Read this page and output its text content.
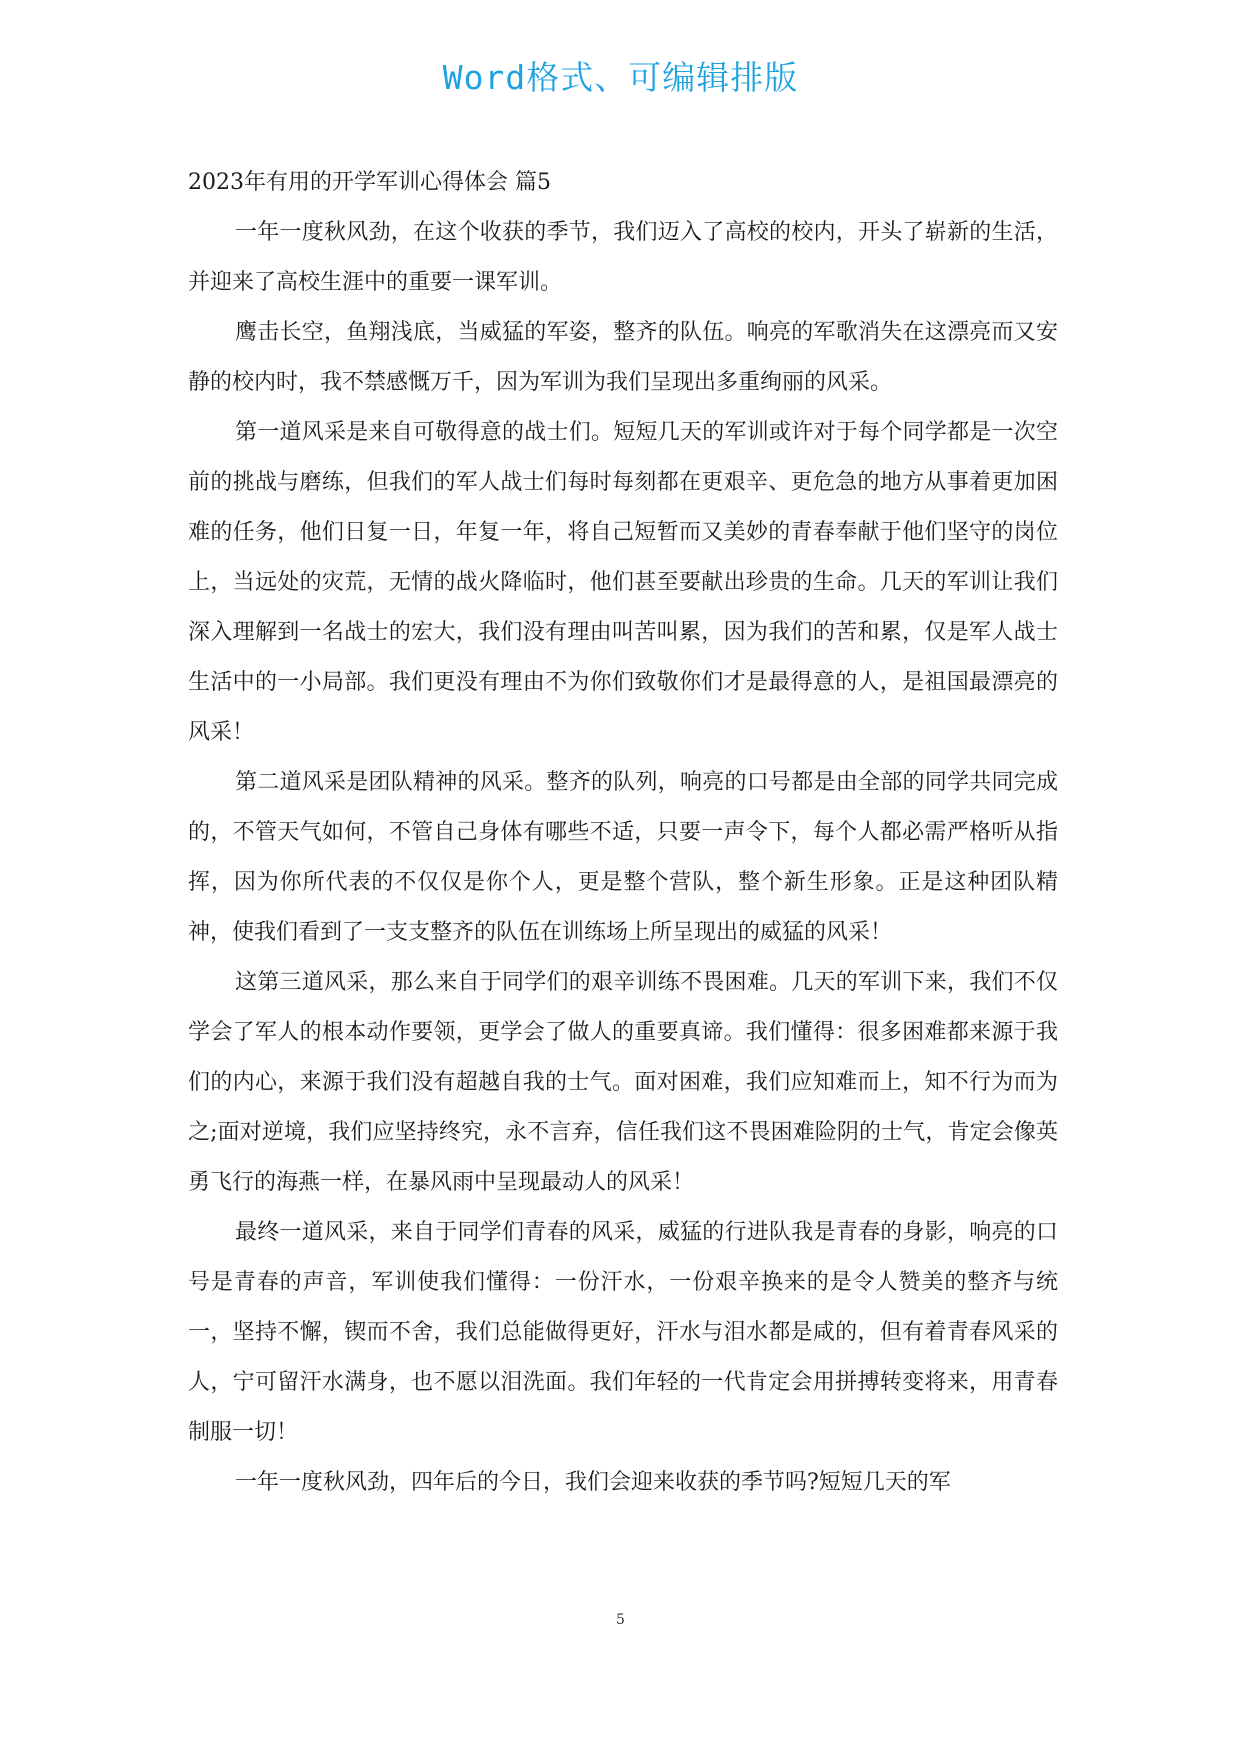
Word格式、可编辑排版
2023年有用的开学军训心得体会 篇5

一年一度秋风劲，在这个收获的季节，我们迈入了高校的校内，开头了崭新的生活，并迎来了高校生涯中的重要一课军训。

鹰击长空，鱼翔浅底，当威猛的军姿，整齐的队伍。响亮的军歌消失在这漂亮而又安静的校内时，我不禁感慨万千，因为军训为我们呈现出多重绚丽的风采。

第一道风采是来自可敬得意的战士们。短短几天的军训或许对于每个同学都是一次空前的挑战与磨练，但我们的军人战士们每时每刻都在更艰辛、更危急的地方从事着更加困难的任务，他们日复一日，年复一年，将自己短暂而又美妙的青春奉献于他们坚守的岗位上，当远处的灾荒，无情的战火降临时，他们甚至要献出珍贵的生命。几天的军训让我们深入理解到一名战士的宏大，我们没有理由叫苦叫累，因为我们的苦和累，仅是军人战士生活中的一小局部。我们更没有理由不为你们致敬你们才是最得意的人，是祖国最漂亮的风采！

第二道风采是团队精神的风采。整齐的队列，响亮的口号都是由全部的同学共同完成的，不管天气如何，不管自己身体有哪些不适，只要一声令下，每个人都必需严格听从指挥，因为你所代表的不仅仅是你个人，更是整个营队，整个新生形象。正是这种团队精神，使我们看到了一支支整齐的队伍在训练场上所呈现出的威猛的风采！

这第三道风采，那么来自于同学们的艰辛训练不畏困难。几天的军训下来，我们不仅学会了军人的根本动作要领，更学会了做人的重要真谛。我们懂得：很多困难都来源于我们的内心，来源于我们没有超越自我的士气。面对困难，我们应知难而上，知不行为而为之;面对逆境，我们应坚持终究，永不言弃，信任我们这不畏困难险阴的士气，肯定会像英勇飞行的海燕一样，在暴风雨中呈现最动人的风采！

最终一道风采，来自于同学们青春的风采，威猛的行进队我是青春的身影，响亮的口号是青春的声音，军训使我们懂得：一份汗水，一份艰辛换来的是令人赞美的整齐与统一，坚持不懈，锲而不舍，我们总能做得更好，汗水与泪水都是咸的，但有着青春风采的人，宁可留汗水满身，也不愿以泪洗面。我们年轻的一代肯定会用拼搏转变将来，用青春制服一切！

一年一度秋风劲，四年后的今日，我们会迎来收获的季节吗?短短几天的军

5
